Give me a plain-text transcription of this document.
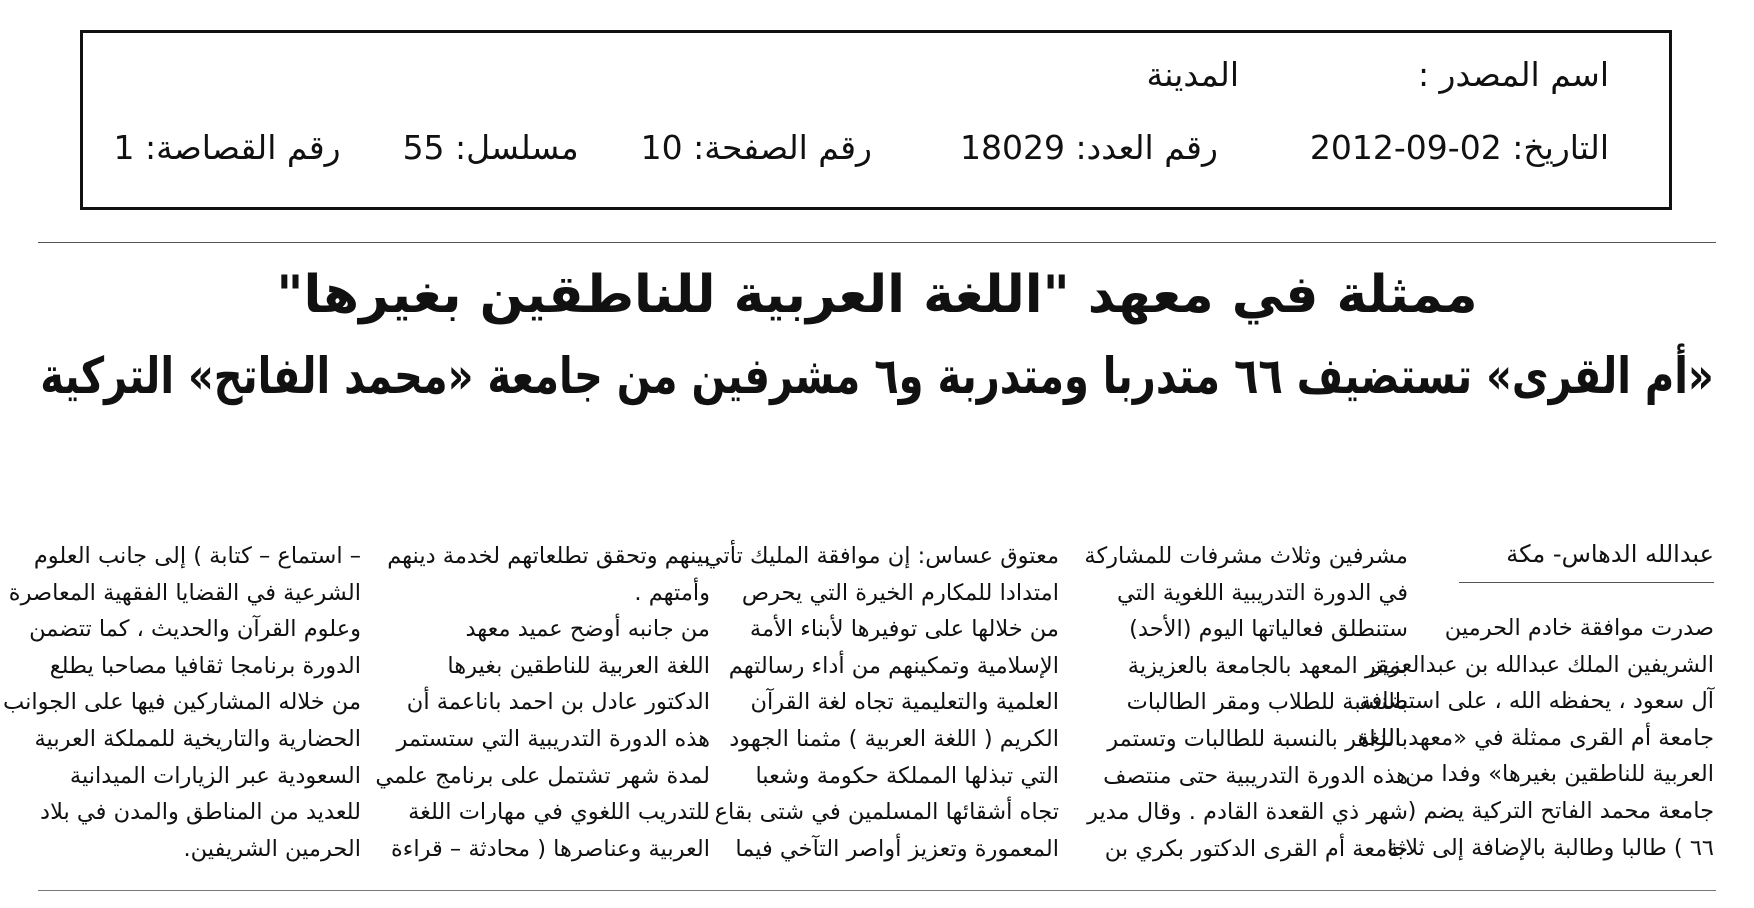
اسم المصدر :المدينة
التاريخ: 02-09-2012رقم العدد: 18029رقم الصفحة: 10مسلسل: 55رقم القصاصة: 1
ممثلة في معهد "اللغة العربية للناطقين بغيرها"
«أم القرى» تستضيف ٦٦ متدربا ومتدربة و٦ مشرفين من جامعة «محمد الفاتح» التركية
عبدالله الدهاس- مكة
صدرت موافقة خادم الحرمين
الشريفين الملك عبدالله بن عبدالعزيز
آل سعود ، يحفظه الله ، على استضافة
جامعة أم القرى ممثلة في «معهد اللغة
العربية للناطقين بغيرها» وفدا من
جامعة محمد الفاتح التركية يضم (
٦٦ ) طالبا وطالبة بالإضافة إلى ثلاثة
مشرفين وثلاث مشرفات للمشاركة
في الدورة التدريبية اللغوية التي
ستنطلق فعالياتها اليوم (الأحد)
بمقر المعهد بالجامعة بالعزيزية
بالنسبة للطلاب ومقر الطالبات
بالزاهر بالنسبة للطالبات وتستمر
هذه الدورة التدريبية حتى منتصف
شهر ذي القعدة القادم . وقال مدير
جامعة أم القرى الدكتور بكري بن
معتوق عساس: إن موافقة المليك تأتي
امتدادا للمكارم الخيرة التي يحرص
من خلالها على توفيرها لأبناء الأمة
الإسلامية وتمكينهم من أداء رسالتهم
العلمية والتعليمية تجاه لغة القرآن
الكريم ( اللغة العربية ) مثمنا الجهود
التي تبذلها المملكة حكومة وشعبا
تجاه أشقائها المسلمين في شتى بقاع
المعمورة وتعزيز أواصر التآخي فيما
بينهم وتحقق تطلعاتهم لخدمة دينهم
وأمتهم .
من جانبه أوضح عميد معهد
اللغة العربية للناطقين بغيرها
الدكتور عادل بن احمد باناعمة أن
هذه الدورة التدريبية التي ستستمر
لمدة شهر تشتمل على برنامج علمي
للتدريب اللغوي في مهارات اللغة
العربية وعناصرها ( محادثة – قراءة
– استماع – كتابة ) إلى جانب العلوم
الشرعية في القضايا الفقهية المعاصرة
وعلوم القرآن والحديث ، كما تتضمن
الدورة برنامجا ثقافيا مصاحبا يطلع
من خلاله المشاركين فيها على الجوانب
الحضارية والتاريخية للمملكة العربية
السعودية عبر الزيارات الميدانية
للعديد من المناطق والمدن في بلاد
الحرمين الشريفين.
